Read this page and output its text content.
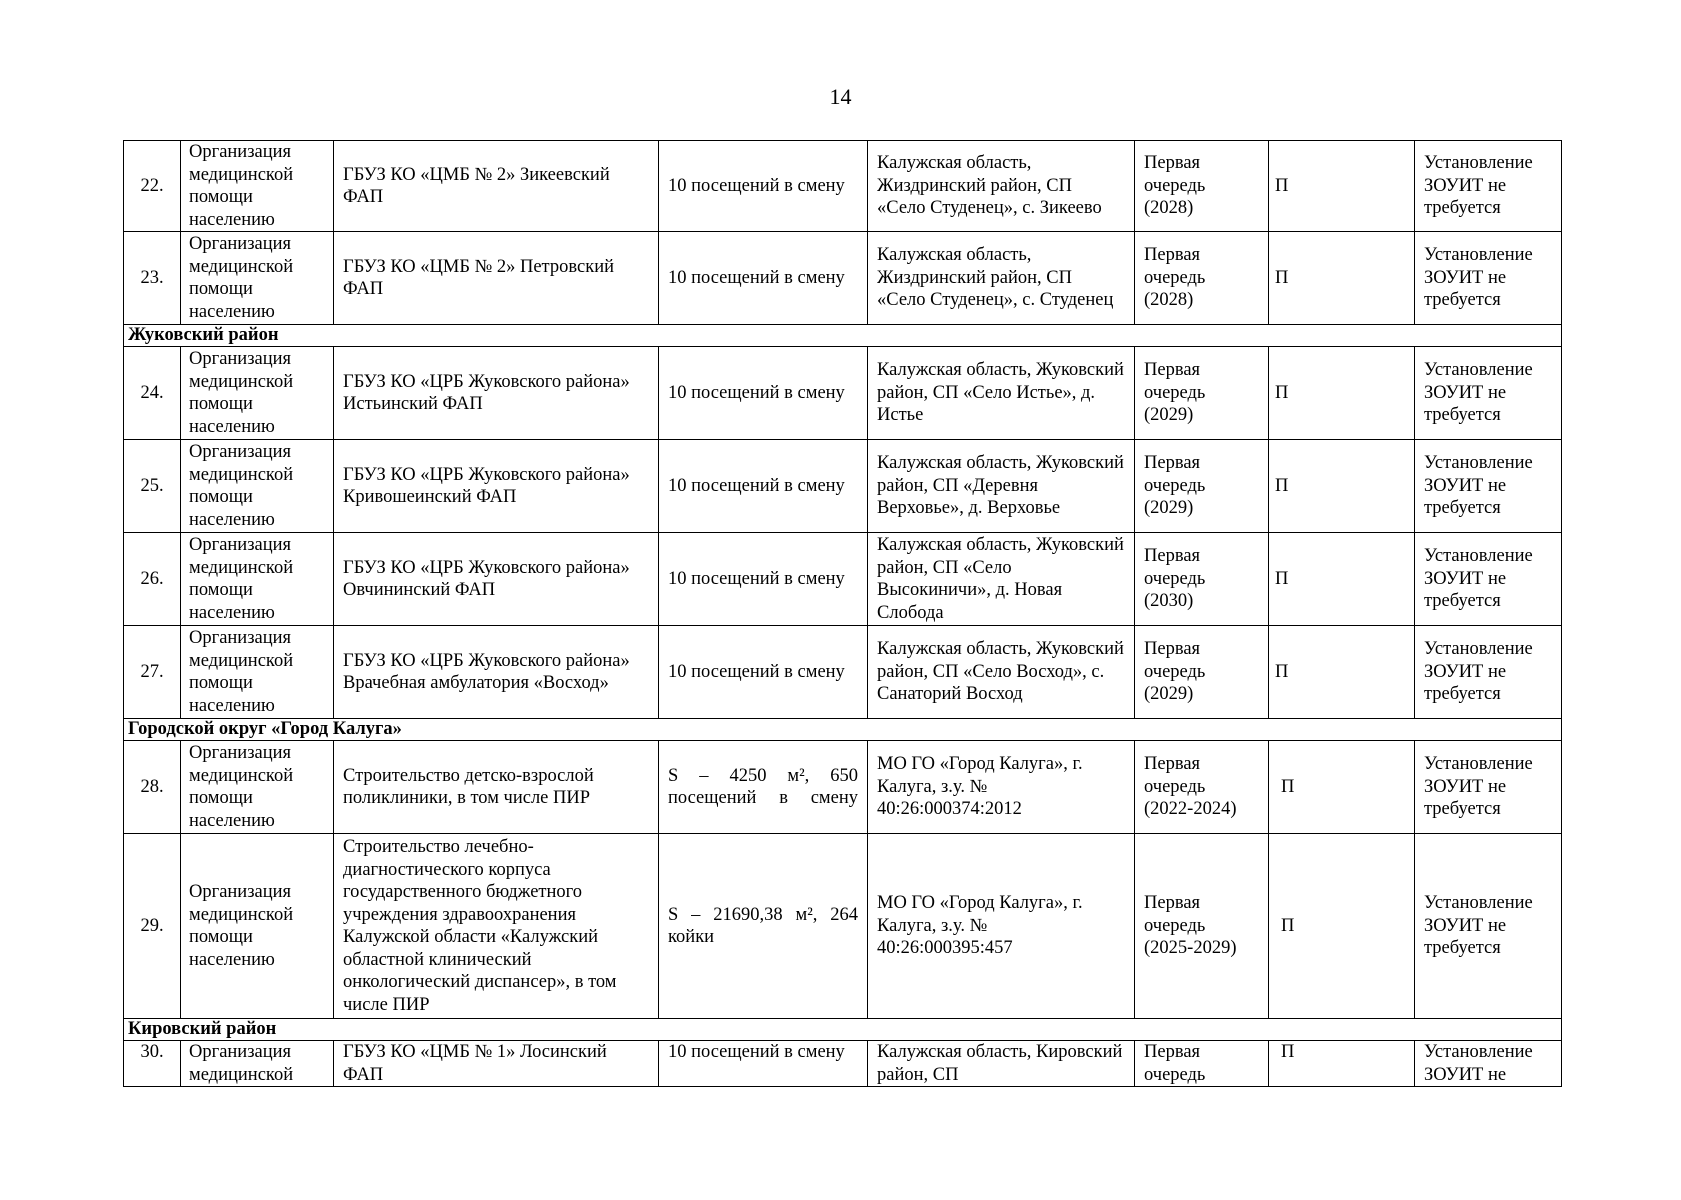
14
22.	Организация медицинской помощи населению	ГБУЗ КО «ЦМБ № 2» Зикеевский ФАП	10 посещений в смену	Калужская область, Жиздринский район, СП «Село Студенец», с. Зикеево	Первая очередь (2028)	П	Установление ЗОУИТ не требуется
23.	Организация медицинской помощи населению	ГБУЗ КО «ЦМБ № 2» Петровский ФАП	10 посещений в смену	Калужская область, Жиздринский район, СП «Село Студенец», с. Студенец	Первая очередь (2028)	П	Установление ЗОУИТ не требуется
Жуковский район							
24.	Организация медицинской помощи населению	ГБУЗ КО «ЦРБ Жуковского района» Истьинский ФАП	10 посещений в смену	Калужская область, Жуковский район, СП «Село Истье», д. Истье	Первая очередь (2029)	П	Установление ЗОУИТ не требуется
25.	Организация медицинской помощи населению	ГБУЗ КО «ЦРБ Жуковского района» Кривошеинский ФАП	10 посещений в смену	Калужская область, Жуковский район, СП «Деревня Верховье», д. Верховье	Первая очередь (2029)	П	Установление ЗОУИТ не требуется
26.	Организация медицинской помощи населению	ГБУЗ КО «ЦРБ Жуковского района» Овчининский ФАП	10 посещений в смену	Калужская область, Жуковский район, СП «Село Высокиничи», д. Новая Слобода	Первая очередь (2030)	П	Установление ЗОУИТ не требуется
27.	Организация медицинской помощи населению	ГБУЗ КО «ЦРБ Жуковского района» Врачебная амбулатория «Восход»	10 посещений в смену	Калужская область, Жуковский район, СП «Село Восход», с. Санаторий Восход	Первая очередь (2029)	П	Установление ЗОУИТ не требуется
Городской округ «Город Калуга»							
28.	Организация медицинской помощи населению	Строительство детско-взрослой поликлиники, в том числе ПИР	S – 4250 м², 650 посещений в смену	МО ГО «Город Калуга», г. Калуга, з.у. № 40:26:000374:2012	Первая очередь (2022-2024)	П	Установление ЗОУИТ не требуется
29.	Организация медицинской помощи населению	Строительство лечебно-диагностического корпуса государственного бюджетного учреждения здравоохранения Калужской области «Калужский областной клинический онкологический диспансер», в том числе ПИР	S – 21690,38 м², 264 койки	МО ГО «Город Калуга», г. Калуга, з.у. № 40:26:000395:457	Первая очередь (2025-2029)	П	Установление ЗОУИТ не требуется
Кировский район							
30.	Организация медицинской	ГБУЗ КО «ЦМБ № 1» Лосинский ФАП	10 посещений в смену	Калужская область, Кировский район, СП	Первая очередь	П	Установление ЗОУИТ не
